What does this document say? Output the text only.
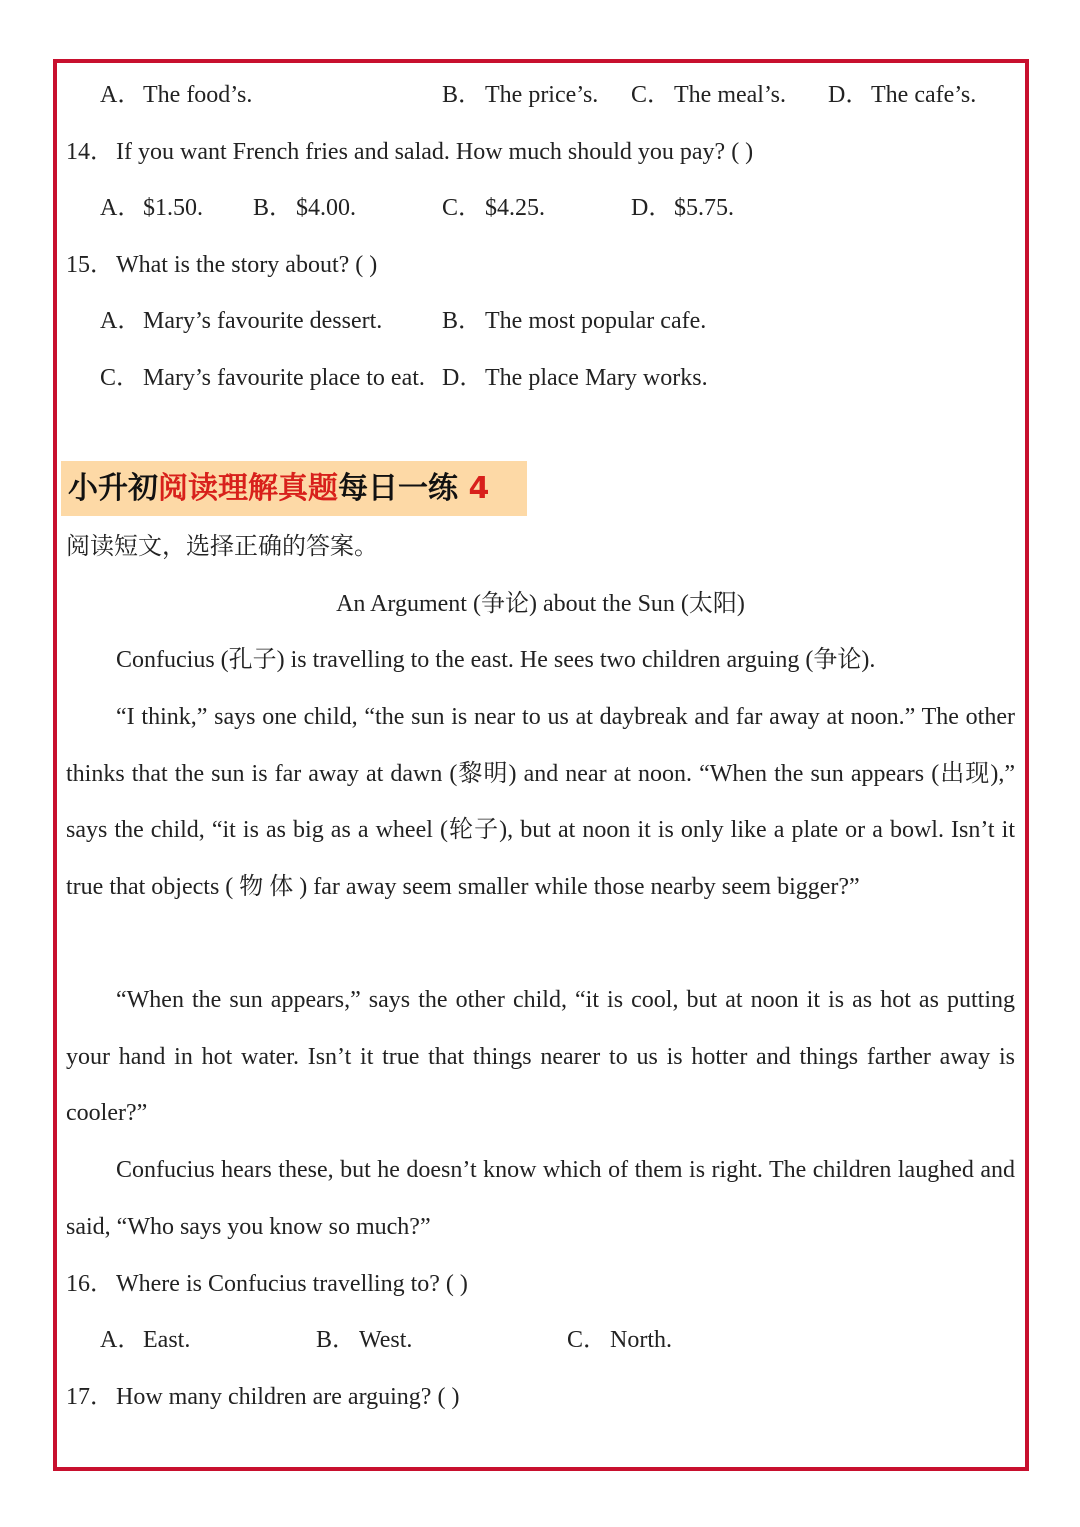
A．The food’s.	B． The price’s. C． The meal’s. D．The cafe’s.
14．If you want French fries and salad. How much should you pay? ( )
A．$1.50. B． $4.00.	C． $4.25.	D．$5.75.
15．What is the story about? ( )
A．Mary’s favourite dessert. B． The most popular cafe.
C． Mary’s favourite place to eat. D．The place Mary works.
小升初阅读理解真题每日一练 4
阅读短文，选择正确的答案。
An Argument (争论) about the Sun (太阳)

Confucius (孔子) is travelling to the east. He sees two children arguing (争论).

“I think,” says one child, “the sun is near to us at daybreak and far away at noon.” The other thinks that the sun is far away at dawn (黎明) and near at noon. “When the sun appears (出现),” says the child, “it is as big as a wheel (轮子), but at noon it is only like a plate or a bowl. Isn’t it true that objects ( 物 体 ) far away seem smaller while those nearby seem bigger?”

“When the sun appears,” says the other child, “it is cool, but at noon it is as hot as putting your hand in hot water. Isn’t it true that things nearer to us is hotter and things farther away is cooler?”

Confucius hears these, but he doesn’t know which of them is right. The children laughed and said, “Who says you know so much?”

16．Where is Confucius travelling to? ( )
A．East.	B． West.	C． North.
17．How many children are arguing? ( )
